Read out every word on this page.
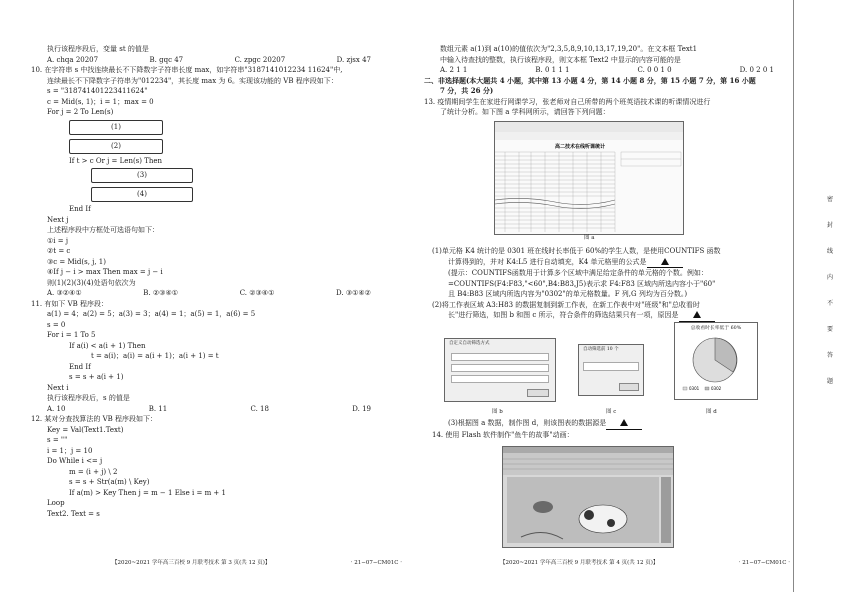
执行该程序段后，变量 st 的值是
A. chqa 20207	B. gqc 47	C. zpgc 20207	D. zjsx 47
10. 在字符串 s 中找连续最长不下降数字子符串长度 max，如字符串"3187141012234 11624"中,
连续最长不下降数字子符串为"012234"，其长度 max 为 6。实现该功能的 VB 程序段如下：
s = "318741401223411624"
c = Mid(s, 1)；i = 1；max = 0
For j = 2 To Len(s)
(1)
(2)
If t > c Or j = Len(s) Then
(3)
(4)
End If
Next j
上述程序段中方框处可选语句如下：
①i = j
②t = c
③c = Mid(s, j, 1)
④If j − i > max Then max = j − i
则(1)(2)(3)(4)处语句依次为
A. ③②④①	B. ②③④①	C. ②③④①	D. ③①④②
11. 有如下 VB 程序段：
a(1) = 4；a(2) = 5；a(3) = 3；a(4) = 1；a(5) = 1，a(6) = 5
s = 0
For i = 1 To 5
If a(i) < a(i + 1) Then
t = a(i)；a(i) = a(i + 1)；a(i + 1) = t
End If
s = s + a(i + 1)
Next i
执行该程序段后，s 的值是
A. 10	B. 11	C. 18	D. 19
12. 某对分查找算法的 VB 程序段如下：
Key = Val(Text1.Text)
s = ""
i = 1；j = 10
Do While i <= j
m = (i + j) \ 2
s = s + Str(a(m) \ Key)
If a(m) > Key Then j = m − 1 Else i = m + 1
Loop
Text2. Text = s
数组元素 a(1)到 a(10)的值依次为"2,3,5,8,9,10,13,17,19,20"。在文本框 Text1
中输入待查找的整数，执行该程序段，则文本框 Text2 中显示的内容可能的是
A. 2 1 1	B. 0 1 1 1	C. 0 0 1 0	D. 0 2 0 1
二、非选择题(本大题共 4 小题，其中第 13 小题 4 分，第 14 小题 8 分，第 15 小题 7 分，第 16 小题
7 分，共 26 分)
13. 疫情期间学生在家进行网课学习，张老师对自己所带的两个班英语技术课的听课情况进行
了统计分析。如下图 a 学科网所示，请回答下列问题：
高二技术在线听课统计
图 a
(1)单元格 K4 统计的是 0301 班在线时长率低于 60%的学生人数，是使用COUNTIFS 函数
计算得到的，并对 K4:L5 进行自动填充，K4 单元格里的公式是
(提示：COUNTIFS函数用于计算多个区域中满足给定条件的单元格的个数。例如：
=COUNTIFS(F4:F83,"<60",B4:B83,J5)表示求 F4:F83 区域内所选内容小于"60"
且 B4:B83 区域内所选内容为"0302"的单元格数量。F 列,G 列均为百分数。)
(2)将工作表区域 A3:H83 的数据复制到新工作表，在新工作表中对"班级"和"总收看时
长"进行筛选，如图 b 和图 c 所示，符合条件的筛选结果只有一项，原因是
自定义自动筛选方式
图 b
自动筛选前 10 个
图 c
总收看时长率低于 60%
0301	0302
图 d
(3)根据图 a 数据，制作图 d，则该图表的数据源是
14. 使用 Flash 软件制作"鱼牛的故事"动画：
【2020~2021 学年高三百校 9 月联考技术 第 3 页(共 12 页)】	· 21−07−CM01C ·	【2020~2021 学年高三百校 9 月联考技术 第 4 页(共 12 页)】	· 21−07−CM01C ·
密
封
线
内
不
要
答
题
